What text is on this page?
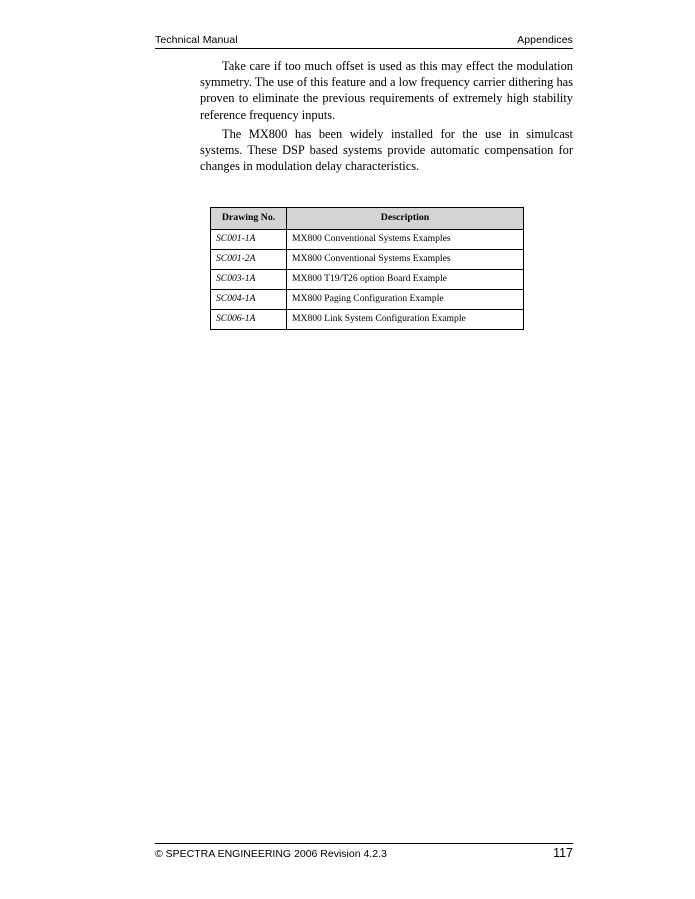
Technical Manual	Appendices
Take care if too much offset is used as this may effect the modulation symmetry. The use of this feature and a low frequency carrier dithering has proven to eliminate the previous requirements of extremely high stability reference frequency inputs.
The MX800 has been widely installed for the use in simulcast systems. These DSP based systems provide automatic compensation for changes in modulation delay characteristics.
Drawing No.	Description
SC001-1A	MX800 Conventional Systems Examples
SC001-2A	MX800 Conventional Systems Examples
SC003-1A	MX800 T19/T26 option Board Example
SC004-1A	MX800 Paging Configuration Example
SC006-1A	MX800 Link System Configuration Example
© SPECTRA ENGINEERING 2006 Revision 4.2.3	117
